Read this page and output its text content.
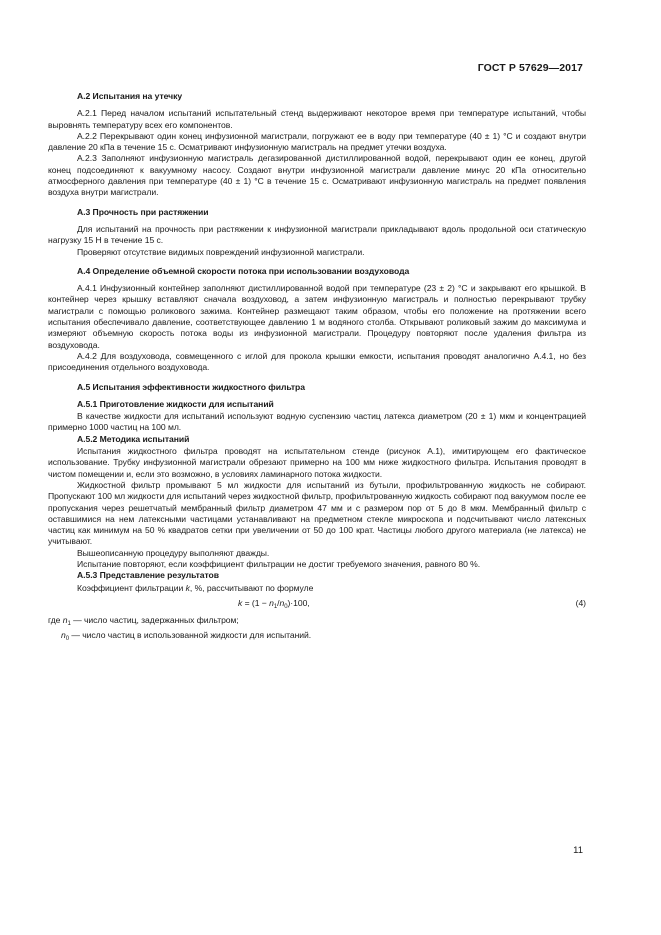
ГОСТ Р 57629—2017
А.2 Испытания на утечку

А.2.1 Перед началом испытаний испытательный стенд выдерживают некоторое время при температуре испытаний, чтобы выровнять температуру всех его компонентов.

А.2.2 Перекрывают один конец инфузионной магистрали, погружают ее в воду при температуре (40 ± 1) °С и создают внутри давление 20 кПа в течение 15 с. Осматривают инфузионную магистраль на предмет утечки воздуха.

А.2.3 Заполняют инфузионную магистраль дегазированной дистиллированной водой, перекрывают один ее конец, другой конец подсоединяют к вакуумному насосу. Создают внутри инфузионной магистрали давление минус 20 кПа относительно атмосферного давления при температуре (40 ± 1) °С в течение 15 с. Осматривают инфузионную магистраль на предмет появления воздуха внутри магистрали.

А.3 Прочность при растяжении

Для испытаний на прочность при растяжении к инфузионной магистрали прикладывают вдоль продольной оси статическую нагрузку 15 Н в течение 15 с.

Проверяют отсутствие видимых повреждений инфузионной магистрали.

А.4 Определение объемной скорости потока при использовании воздуховода

А.4.1 Инфузионный контейнер заполняют дистиллированной водой при температуре (23 ± 2) °С и закрывают его крышкой. В контейнер через крышку вставляют сначала воздуховод, а затем инфузионную магистраль и полностью перекрывают трубку магистрали с помощью роликового зажима. Контейнер размещают таким образом, чтобы его положение на протяжении всего испытания обеспечивало давление, соответствующее давлению 1 м водяного столба. Открывают роликовый зажим до максимума и измеряют объемную скорость потока воды из инфузионной магистрали. Процедуру повторяют после удаления фильтра из воздуховода.

А.4.2 Для воздуховода, совмещенного с иглой для прокола крышки емкости, испытания проводят аналогично А.4.1, но без присоединения отдельного воздуховода.

А.5 Испытания эффективности жидкостного фильтра
А.5.1 Приготовление жидкости для испытаний

В качестве жидкости для испытаний используют водную суспензию частиц латекса диаметром (20 ± 1) мкм и концентрацией примерно 1000 частиц на 100 мл.

А.5.2 Методика испытаний

Испытания жидкостного фильтра проводят на испытательном стенде (рисунок А.1), имитирующем его фактическое использование. Трубку инфузионной магистрали обрезают примерно на 100 мм ниже жидкостного фильтра. Испытания проводят в чистом помещении и, если это возможно, в условиях ламинарного потока жидкости.

Жидкостной фильтр промывают 5 мл жидкости для испытаний из бутыли, профильтрованную жидкость не собирают. Пропускают 100 мл жидкости для испытаний через жидкостной фильтр, профильтрованную жидкость собирают под вакуумом после ее пропускания через решетчатый мембранный фильтр диаметром 47 мм и с размером пор от 5 до 8 мкм. Мембранный фильтр с оставшимися на нем латексными частицами устанавливают на предметном стекле микроскопа и подсчитывают число латексных частиц как минимум на 50 % квадратов сетки при увеличении от 50 до 100 крат. Частицы любого другого материала (не латекса) не учитывают.

Вышеописанную процедуру выполняют дважды.

Испытание повторяют, если коэффициент фильтрации не достиг требуемого значения, равного 80 %.

А.5.3 Представление результатов

Коэффициент фильтрации k, %, рассчитывают по формуле

$k = (1 - n_1/n_0)\cdot 100$,	(4)

где $n_1$ — число частиц, задержанных фильтром;

$n_0$ — число частиц в использованной жидкости для испытаний.

11
